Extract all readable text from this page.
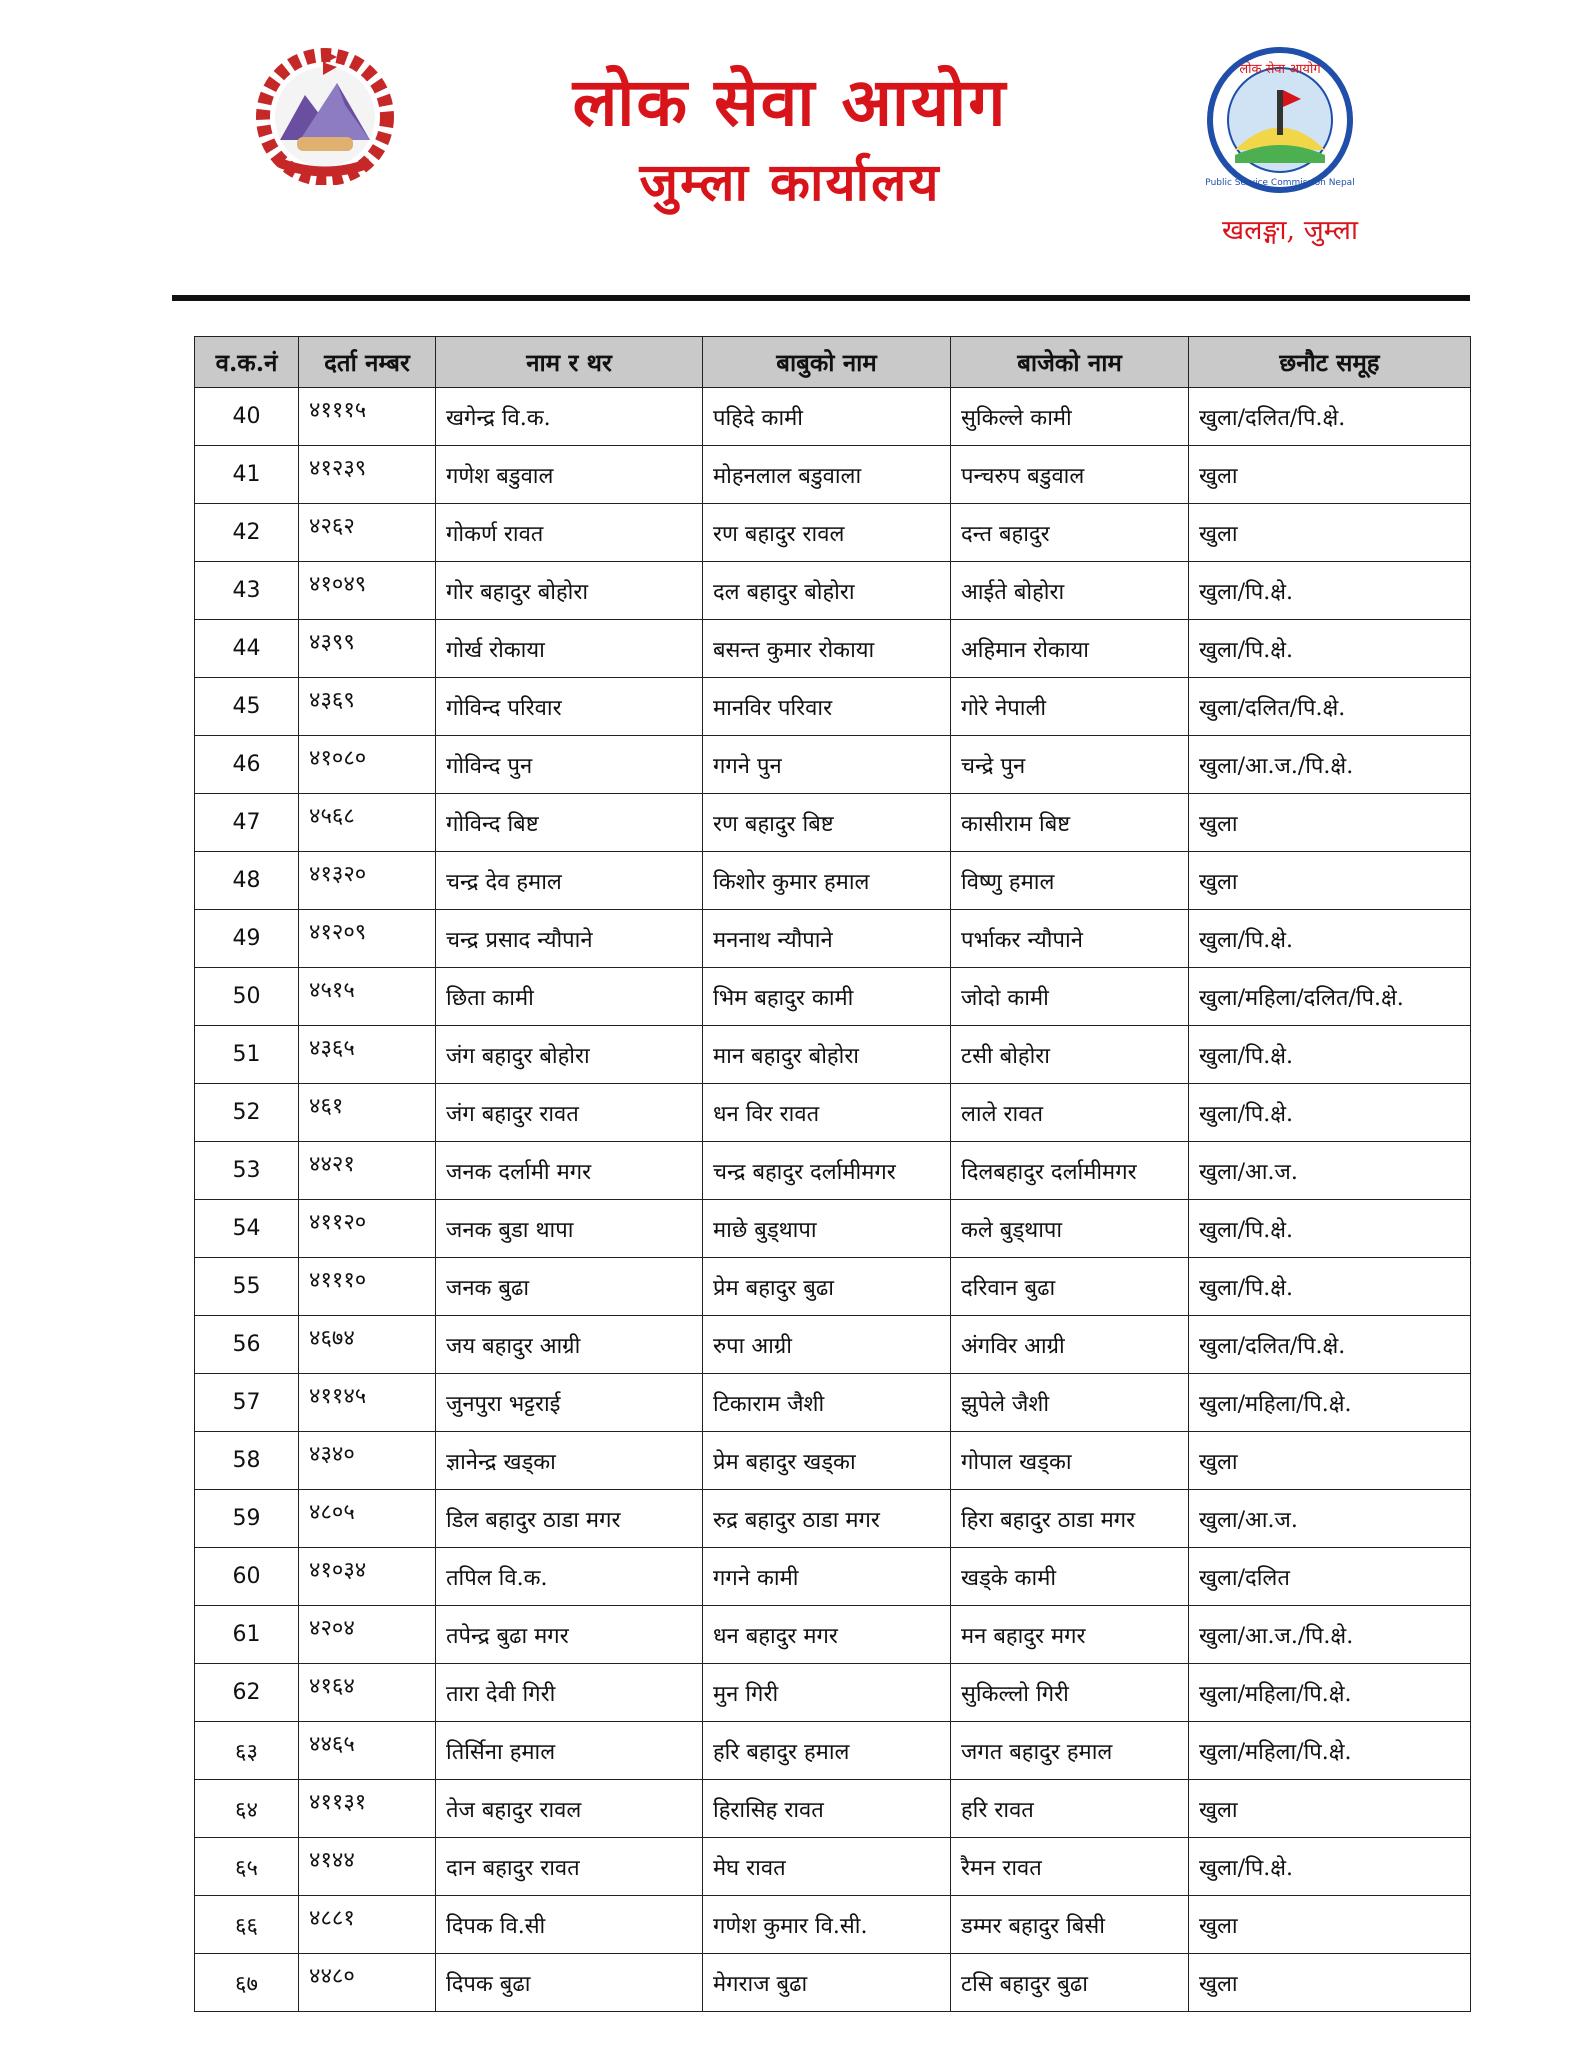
लोक सेवा आयोग
जुम्ला कार्यालय
लोक सेवा आयोग
Public Service Commission Nepal
खलङ्गा, जुम्ला
व.क.नं	दर्ता नम्बर	नाम र थर	बाबुको नाम	बाजेको नाम	छनौट समूह
40	४१११५	खगेन्द्र वि.क.	पहिदे कामी	सुकिल्ले कामी	खुला/दलित/पि.क्षे.
41	४१२३९	गणेश बडुवाल	मोहनलाल बडुवाला	पन्चरुप बडुवाल	खुला
42	४२६२	गोकर्ण रावत	रण बहादुर रावल	दन्त बहादुर	खुला
43	४१०४९	गोर बहादुर बोहोरा	दल बहादुर बोहोरा	आईते बोहोरा	खुला/पि.क्षे.
44	४३९९	गोर्ख रोकाया	बसन्त कुमार रोकाया	अहिमान रोकाया	खुला/पि.क्षे.
45	४३६९	गोविन्द परिवार	मानविर परिवार	गोरे नेपाली	खुला/दलित/पि.क्षे.
46	४१०८०	गोविन्द पुन	गगने पुन	चन्द्रे पुन	खुला/आ.ज./पि.क्षे.
47	४५६८	गोविन्द बिष्ट	रण बहादुर बिष्ट	कासीराम बिष्ट	खुला
48	४१३२०	चन्द्र देव हमाल	किशोर कुमार हमाल	विष्णु हमाल	खुला
49	४१२०९	चन्द्र प्रसाद न्यौपाने	मननाथ न्यौपाने	पर्भाकर न्यौपाने	खुला/पि.क्षे.
50	४५१५	छिता कामी	भिम बहादुर कामी	जोदो कामी	खुला/महिला/दलित/पि.क्षे.
51	४३६५	जंग बहादुर बोहोरा	मान बहादुर बोहोरा	टसी बोहोरा	खुला/पि.क्षे.
52	४६१	जंग बहादुर रावत	धन विर रावत	लाले रावत	खुला/पि.क्षे.
53	४४२१	जनक दर्लामी मगर	चन्द्र बहादुर दर्लामीमगर	दिलबहादुर दर्लामीमगर	खुला/आ.ज.
54	४११२०	जनक बुडा थापा	माछे बुड्थापा	कले बुड्थापा	खुला/पि.क्षे.
55	४१११०	जनक बुढा	प्रेम बहादुर बुढा	दरिवान बुढा	खुला/पि.क्षे.
56	४६७४	जय बहादुर आग्री	रुपा आग्री	अंगविर आग्री	खुला/दलित/पि.क्षे.
57	४११४५	जुनपुरा भट्टराई	टिकाराम जैशी	झुपेले जैशी	खुला/महिला/पि.क्षे.
58	४३४०	ज्ञानेन्द्र खड्का	प्रेम बहादुर खड्का	गोपाल खड्का	खुला
59	४८०५	डिल बहादुर ठाडा मगर	रुद्र बहादुर ठाडा मगर	हिरा बहादुर ठाडा मगर	खुला/आ.ज.
60	४१०३४	तपिल वि.क.	गगने कामी	खड्के कामी	खुला/दलित
61	४२०४	तपेन्द्र बुढा मगर	धन बहादुर मगर	मन बहादुर मगर	खुला/आ.ज./पि.क्षे.
62	४१६४	तारा देवी गिरी	मुन गिरी	सुकिल्लो गिरी	खुला/महिला/पि.क्षे.
६३	४४६५	तिर्सिना हमाल	हरि बहादुर हमाल	जगत बहादुर हमाल	खुला/महिला/पि.क्षे.
६४	४११३१	तेज बहादुर रावल	हिरासिह रावत	हरि रावत	खुला
६५	४१४४	दान बहादुर रावत	मेघ रावत	रैमन रावत	खुला/पि.क्षे.
६६	४८८१	दिपक वि.सी	गणेश कुमार वि.सी.	डम्मर बहादुर बिसी	खुला
६७	४४८०	दिपक बुढा	मेगराज बुढा	टसि बहादुर बुढा	खुला
